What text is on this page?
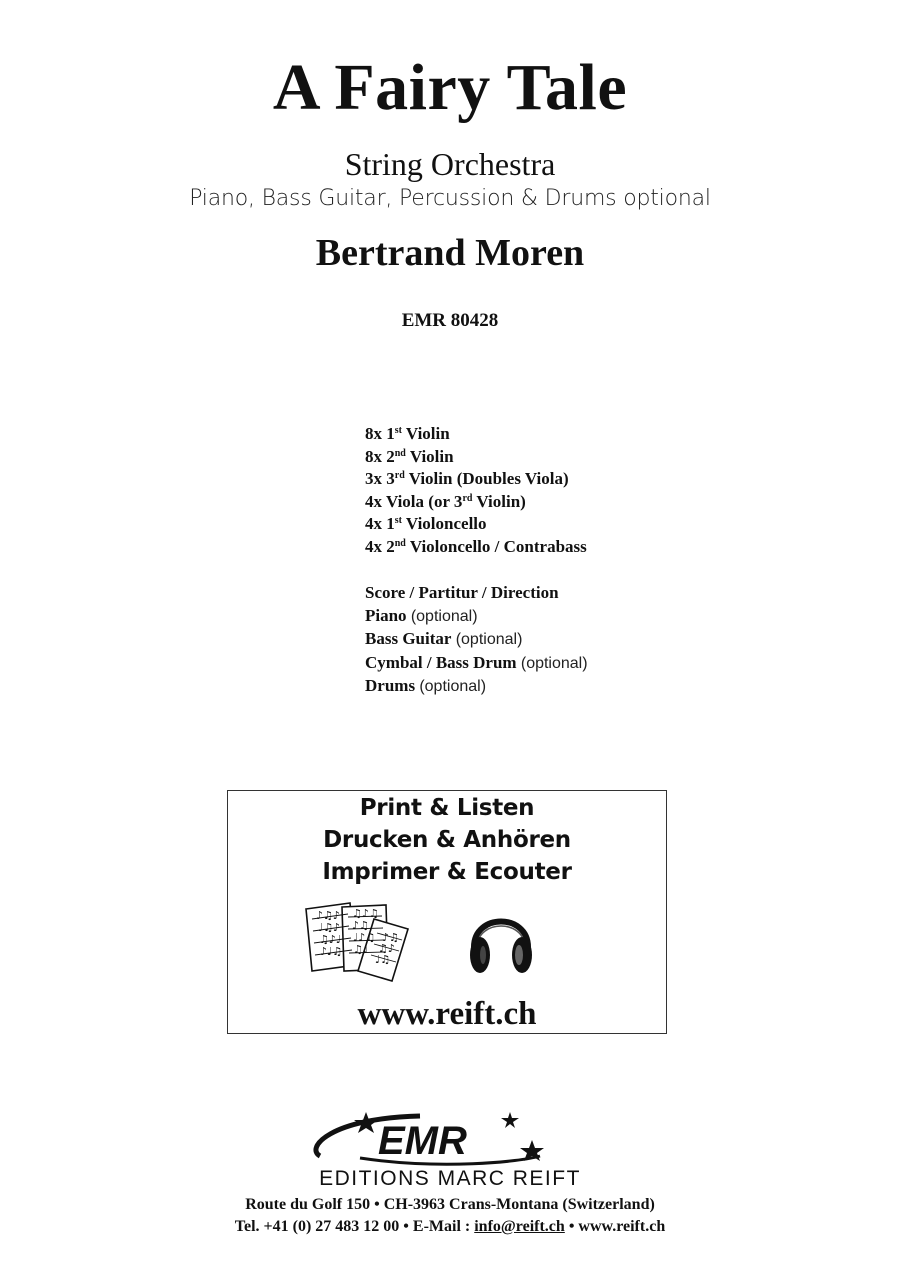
A Fairy Tale
String Orchestra
Piano, Bass Guitar, Percussion & Drums optional
Bertrand Moren
EMR 80428
8x 1st Violin
8x 2nd Violin
3x 3rd Violin (Doubles Viola)
4x Viola (or 3rd Violin)
4x 1st Violoncello
4x 2nd Violoncello / Contrabass
Score / Partitur / Direction
Piano (optional)
Bass Guitar (optional)
Cymbal / Bass Drum (optional)
Drums (optional)
Print & Listen
Drucken & Anhören
Imprimer & Ecouter
♪♫♪
♩♫♪
♫♪♩
♪♩♫
♫♪♫
♪♫
♩♪♫
♫♩
♪♫
♫♪
♩♫
www.reift.ch
EMR
EDITIONS MARC REIFT
Route du Golf 150 • CH-3963 Crans-Montana (Switzerland)
Tel. +41 (0) 27 483 12 00 • E-Mail : info@reift.ch • www.reift.ch
